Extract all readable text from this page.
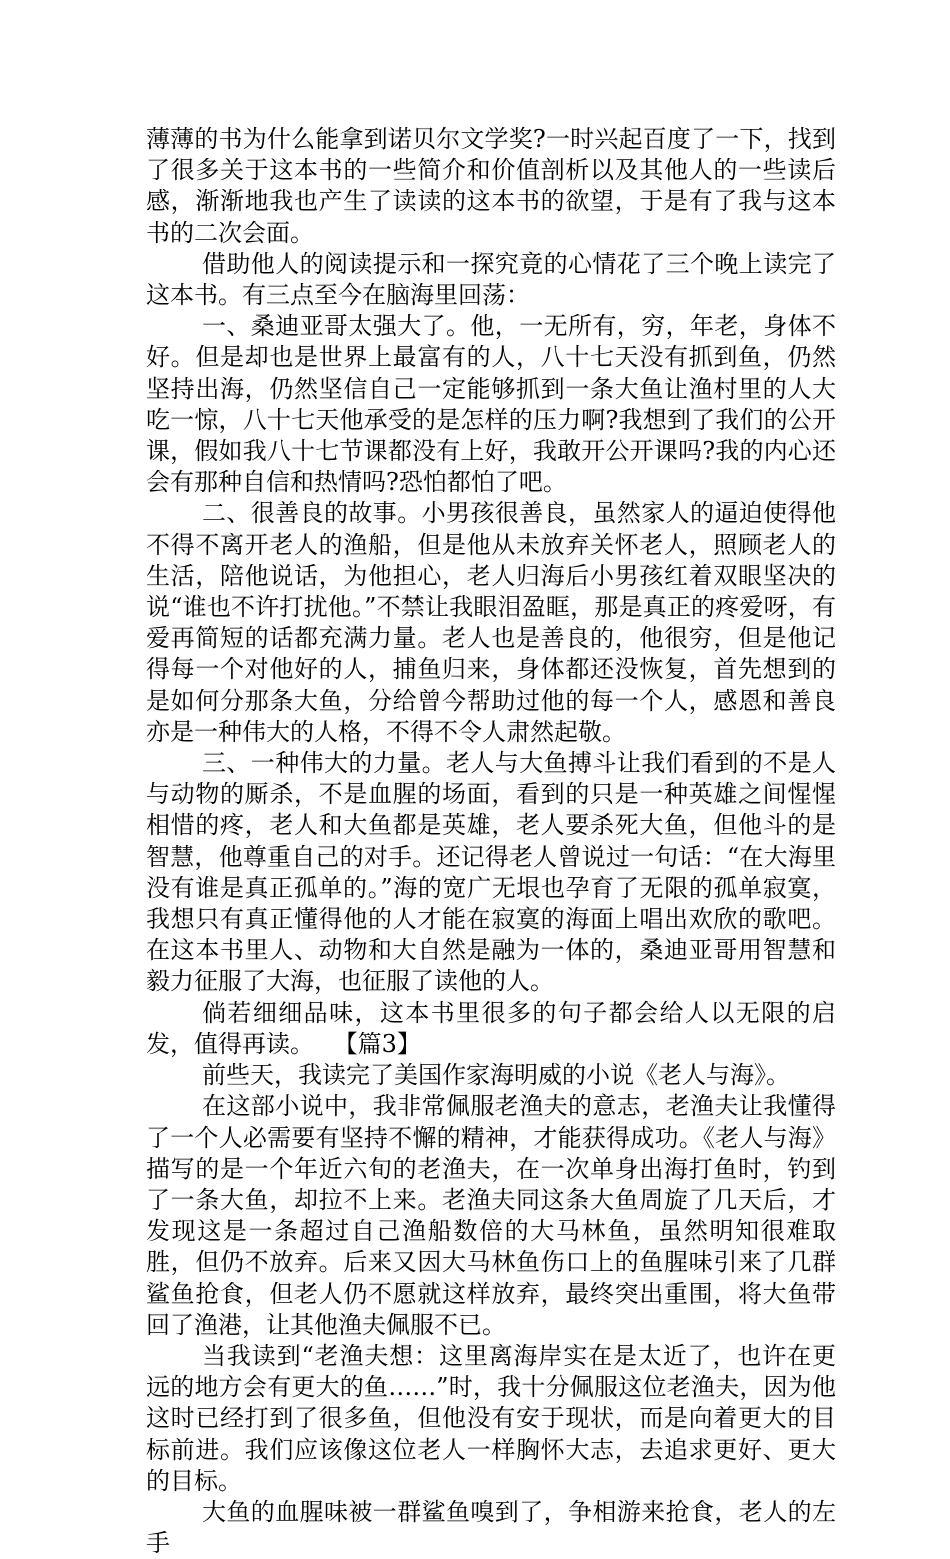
薄薄的书为什么能拿到诺贝尔文学奖?一时兴起百度了一下，找到了很多关于这本书的一些简介和价值剖析以及其他人的一些读后感，渐渐地我也产生了读读的这本书的欲望，于是有了我与这本书的二次会面。

借助他人的阅读提示和一探究竟的心情花了三个晚上读完了这本书。有三点至今在脑海里回荡：

一、桑迪亚哥太强大了。他，一无所有，穷，年老，身体不好。但是却也是世界上最富有的人，八十七天没有抓到鱼，仍然坚持出海，仍然坚信自己一定能够抓到一条大鱼让渔村里的人大吃一惊，八十七天他承受的是怎样的压力啊?我想到了我们的公开课，假如我八十七节课都没有上好，我敢开公开课吗?我的内心还会有那种自信和热情吗?恐怕都怕了吧。

二、很善良的故事。小男孩很善良，虽然家人的逼迫使得他不得不离开老人的渔船，但是他从未放弃关怀老人，照顾老人的生活，陪他说话，为他担心，老人归海后小男孩红着双眼坚决的说“谁也不许打扰他。”不禁让我眼泪盈眶，那是真正的疼爱呀，有爱再简短的话都充满力量。老人也是善良的，他很穷，但是他记得每一个对他好的人，捕鱼归来，身体都还没恢复，首先想到的是如何分那条大鱼，分给曾今帮助过他的每一个人，感恩和善良亦是一种伟大的人格，不得不令人肃然起敬。

三、一种伟大的力量。老人与大鱼搏斗让我们看到的不是人与动物的厮杀，不是血腥的场面，看到的只是一种英雄之间惺惺相惜的疼，老人和大鱼都是英雄，老人要杀死大鱼，但他斗的是智慧，他尊重自己的对手。还记得老人曾说过一句话：“在大海里没有谁是真正孤单的。”海的宽广无垠也孕育了无限的孤单寂寞，我想只有真正懂得他的人才能在寂寞的海面上唱出欢欣的歌吧。在这本书里人、动物和大自然是融为一体的，桑迪亚哥用智慧和毅力征服了大海，也征服了读他的人。

倘若细细品味，这本书里很多的句子都会给人以无限的启发，值得再读。　 【篇3】

前些天，我读完了美国作家海明威的小说《老人与海》。

在这部小说中，我非常佩服老渔夫的意志，老渔夫让我懂得了一个人必需要有坚持不懈的精神，才能获得成功。《老人与海》描写的是一个年近六旬的老渔夫，在一次单身出海打鱼时，钓到了一条大鱼，却拉不上来。老渔夫同这条大鱼周旋了几天后，才发现这是一条超过自己渔船数倍的大马林鱼，虽然明知很难取胜，但仍不放弃。后来又因大马林鱼伤口上的鱼腥味引来了几群鲨鱼抢食，但老人仍不愿就这样放弃，最终突出重围，将大鱼带回了渔港，让其他渔夫佩服不已。

当我读到“老渔夫想：这里离海岸实在是太近了，也许在更远的地方会有更大的鱼……”时，我十分佩服这位老渔夫，因为他这时已经打到了很多鱼，但他没有安于现状，而是向着更大的目标前进。我们应该像这位老人一样胸怀大志，去追求更好、更大的目标。

大鱼的血腥味被一群鲨鱼嗅到了，争相游来抢食，老人的左手
